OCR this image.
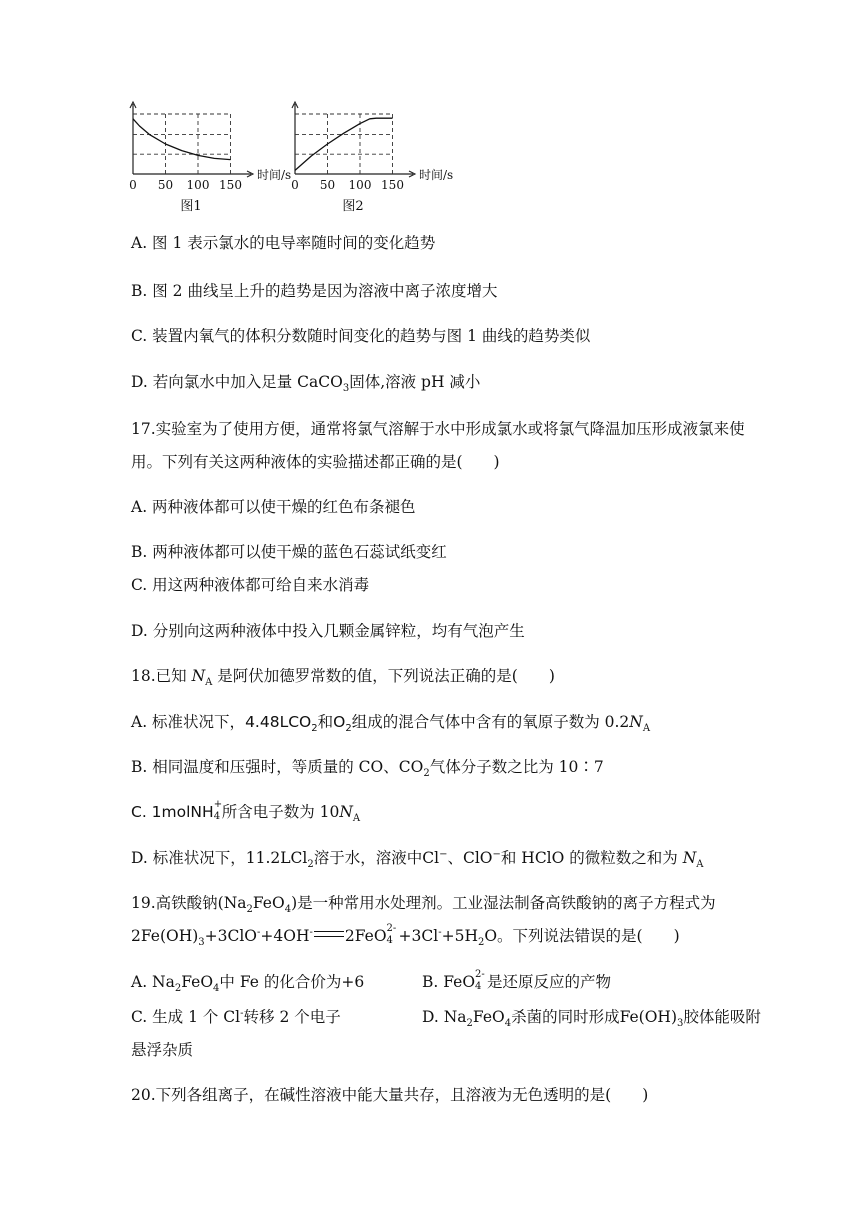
0 50 100 150
时间/s
图1
0 50 100 150
时间/s
图2
A. 图 1 表示氯水的电导率随时间的变化趋势
B. 图 2 曲线呈上升的趋势是因为溶液中离子浓度增大
C. 装置内氧气的体积分数随时间变化的趋势与图 1 曲线的趋势类似
D. 若向氯水中加入足量 CaCO$_3$固体,溶液 pH 减小
17.实验室为了使用方便，通常将氯气溶解于水中形成氯水或将氯气降温加压形成液氯来使
用。下列有关这两种液体的实验描述都正确的是(　　)
A. 两种液体都可以使干燥的红色布条褪色
B. 两种液体都可以使干燥的蓝色石蕊试纸变红
C. 用这两种液体都可给自来水消毒
D. 分别向这两种液体中投入几颗金属锌粒，均有气泡产生
18.已知 $N_A$ 是阿伏加德罗常数的值，下列说法正确的是(　　)
A. 标准状况下，$4.48LCO_2$和$O_2$组成的混合气体中含有的氧原子数为 $0.2N_A$
B. 相同温度和压强时，等质量的 CO、$CO_2$气体分子数之比为 10∶7
C. 1molNH +
4 所含电子数为 $10N_A$
D. 标准状况下，11.2LCl$_2$溶于水，溶液中Cl−、ClO−和 HClO 的微粒数之和为 $N_A$
19.高铁酸钠$(Na_2FeO_4)$是一种常用水处理剂。工业湿法制备高铁酸钠的离子方程式为
$2Fe(OH)_3+3ClO^-+4OH^-$ 2FeO 2-
$4 +3Cl^-+5H_2O$。下列说法错误的是(　　)
A. $Na_2FeO_4$中 Fe 的化合价为+6	B. FeO 2-
4 是还原反应的产物
C. 生成 1 个 Cl-转移 2 个电子	D. $Na_2FeO_4$杀菌的同时形成$Fe(OH)_3$胶体能吸附
悬浮杂质
20.下列各组离子，在碱性溶液中能大量共存，且溶液为无色透明的是(　　)
